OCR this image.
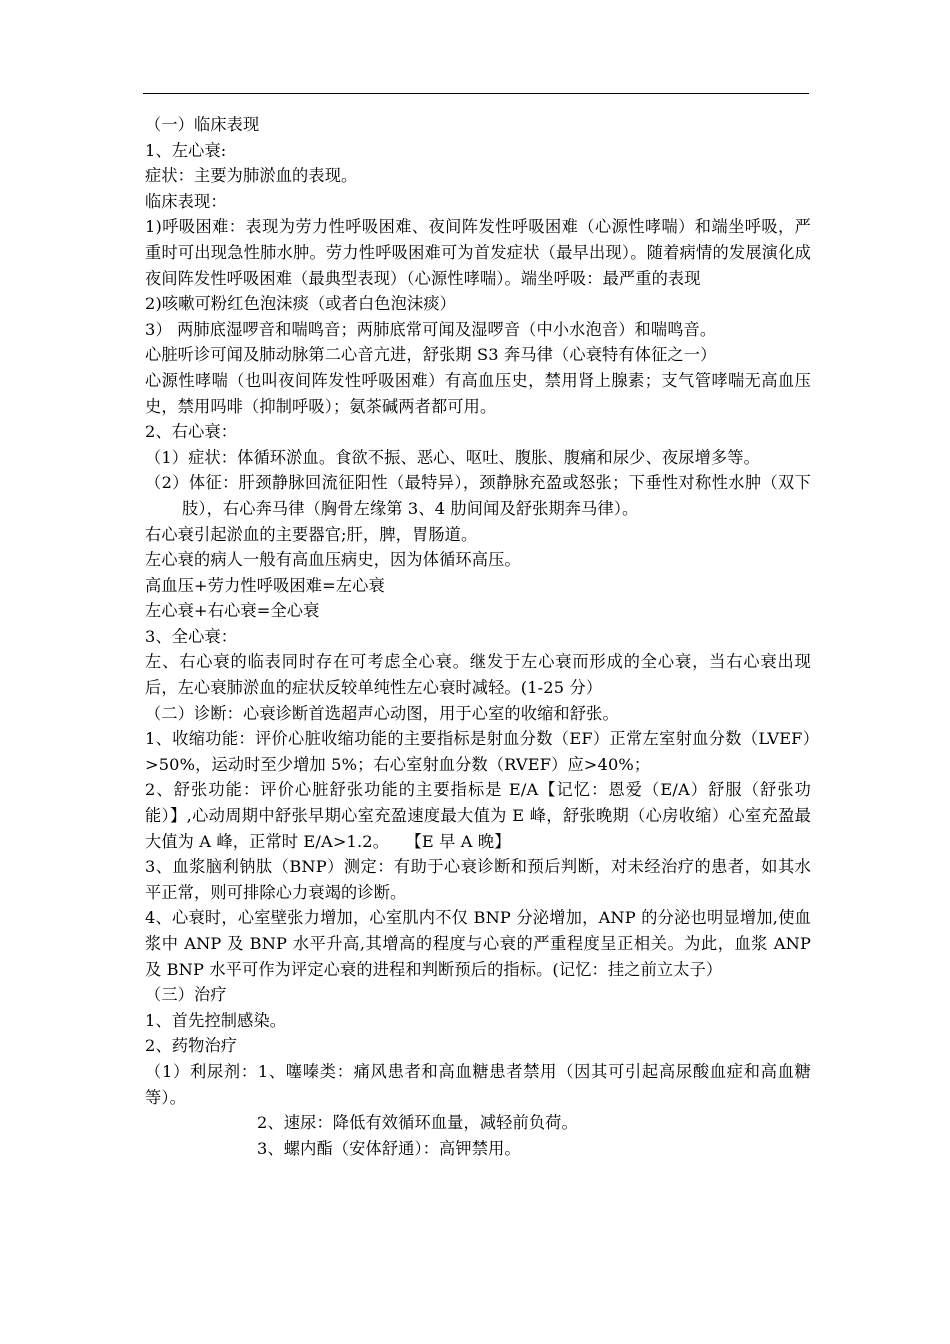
（一）临床表现

1、左心衰:

症状：主要为肺淤血的表现。

临床表现：

1)呼吸困难：表现为劳力性呼吸困难、夜间阵发性呼吸困难（心源性哮喘）和端坐呼吸，严重时可出现急性肺水肿。劳力性呼吸困难可为首发症状（最早出现）。随着病情的发展演化成夜间阵发性呼吸困难（最典型表现）（心源性哮喘）。端坐呼吸：最严重的表现

2)咳嗽可粉红色泡沫痰（或者白色泡沫痰）

3） 两肺底湿啰音和喘鸣音；两肺底常可闻及湿啰音（中小水泡音）和喘鸣音。

心脏听诊可闻及肺动脉第二心音亢进，舒张期 S3 奔马律（心衰特有体征之一）

心源性哮喘（也叫夜间阵发性呼吸困难）有高血压史，禁用肾上腺素；支气管哮喘无高血压史，禁用吗啡（抑制呼吸）；氨茶碱两者都可用。

2、右心衰：

（1）症状：体循环淤血。食欲不振、恶心、呕吐、腹胀、腹痛和尿少、夜尿增多等。

（2）体征：肝颈静脉回流征阳性（最特异），颈静脉充盈或怒张；下垂性对称性水肿（双下肢），右心奔马律（胸骨左缘第 3、4 肋间闻及舒张期奔马律）。

右心衰引起淤血的主要器官;肝，脾，胃肠道。

左心衰的病人一般有高血压病史，因为体循环高压。

高血压+劳力性呼吸困难=左心衰

左心衰+右心衰=全心衰

3、全心衰：

左、右心衰的临表同时存在可考虑全心衰。继发于左心衰而形成的全心衰，当右心衰出现后，左心衰肺淤血的症状反较单纯性左心衰时减轻。(1-25 分）

（二）诊断：心衰诊断首选超声心动图，用于心室的收缩和舒张。

1、收缩功能：评价心脏收缩功能的主要指标是射血分数（EF）正常左室射血分数（LVEF）>50%，运动时至少增加 5%；右心室射血分数（RVEF）应>40%；

2、舒张功能：评价心脏舒张功能的主要指标是 E/A【记忆：恩爱（E/A）舒服（舒张功能）】,心动周期中舒张早期心室充盈速度最大值为 E 峰，舒张晚期（心房收缩）心室充盈最大值为 A 峰，正常时 E/A>1.2。　　【E 早 A 晚】

3、血浆脑利钠肽（BNP）测定：有助于心衰诊断和预后判断，对未经治疗的患者，如其水平正常，则可排除心力衰竭的诊断。

4、心衰时，心室壁张力增加，心室肌内不仅 BNP 分泌增加，ANP 的分泌也明显增加,使血浆中 ANP 及 BNP 水平升高,其增高的程度与心衰的严重程度呈正相关。为此，血浆 ANP 及 BNP 水平可作为评定心衰的进程和判断预后的指标。(记忆：挂之前立太子）

（三）治疗

1、首先控制感染。

2、药物治疗

（1）利尿剂：1、噻嗪类：痛风患者和高血糖患者禁用（因其可引起高尿酸血症和高血糖等）。

2、速尿：降低有效循环血量，减轻前负荷。

3、螺内酯（安体舒通）：高钾禁用。
